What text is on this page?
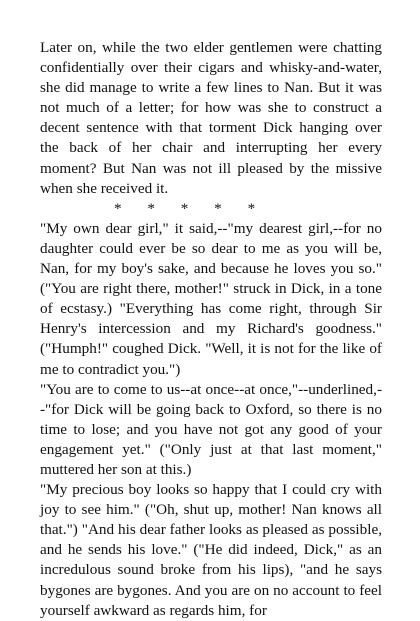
Later on, while the two elder gentlemen were chatting confidentially over their cigars and whisky-and-water, she did manage to write a few lines to Nan. But it was not much of a letter; for how was she to construct a decent sentence with that torment Dick hanging over the back of her chair and interrupting her every moment? But Nan was not ill pleased by the missive when she received it.

* * * * *

"My own dear girl," it said,--"my dearest girl,--for no daughter could ever be so dear to me as you will be, Nan, for my boy's sake, and because he loves you so." ("You are right there, mother!" struck in Dick, in a tone of ecstasy.) "Everything has come right, through Sir Henry's intercession and my Richard's goodness." ("Humph!" coughed Dick. "Well, it is not for the like of me to contradict you.")

"You are to come to us--at once--at once,"--underlined,--"for Dick will be going back to Oxford, so there is no time to lose; and you have not got any good of your engagement yet." ("Only just at that last moment," muttered her son at this.)

"My precious boy looks so happy that I could cry with joy to see him." ("Oh, shut up, mother! Nan knows all that.") "And his dear father looks as pleased as possible, and he sends his love." ("He did indeed, Dick," as an incredulous sound broke from his lips), "and he says bygones are bygones. And you are on no account to feel yourself awkward as regards him, for
